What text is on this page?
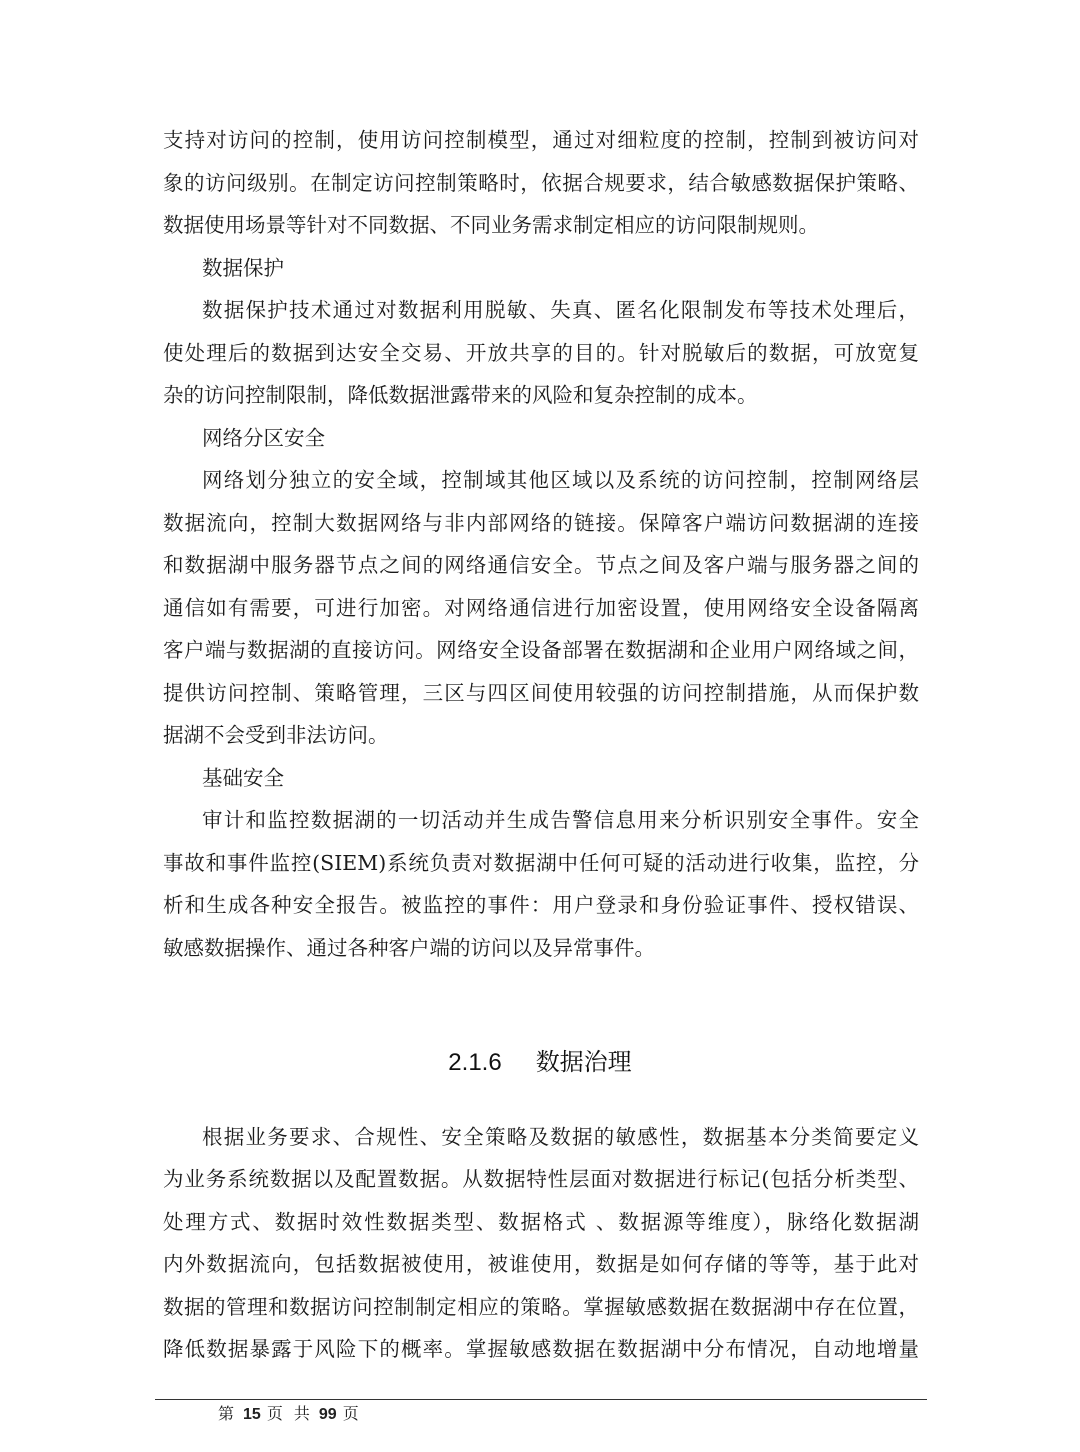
支持对访问的控制，使用访问控制模型，通过对细粒度的控制，控制到被访问对

象的访问级别。在制定访问控制策略时，依据合规要求，结合敏感数据保护策略、

数据使用场景等针对不同数据、不同业务需求制定相应的访问限制规则。

数据保护

数据保护技术通过对数据利用脱敏、失真、匿名化限制发布等技术处理后，

使处理后的数据到达安全交易、开放共享的目的。针对脱敏后的数据，可放宽复

杂的访问控制限制，降低数据泄露带来的风险和复杂控制的成本。

网络分区安全

网络划分独立的安全域，控制域其他区域以及系统的访问控制，控制网络层

数据流向，控制大数据网络与非内部网络的链接。保障客户端访问数据湖的连接

和数据湖中服务器节点之间的网络通信安全。节点之间及客户端与服务器之间的

通信如有需要，可进行加密。对网络通信进行加密设置，使用网络安全设备隔离

客户端与数据湖的直接访问。网络安全设备部署在数据湖和企业用户网络域之间，

提供访问控制、策略管理，三区与四区间使用较强的访问控制措施，从而保护数

据湖不会受到非法访问。

基础安全

审计和监控数据湖的一切活动并生成告警信息用来分析识别安全事件。安全

事故和事件监控(SIEM)系统负责对数据湖中任何可疑的活动进行收集，监控，分

析和生成各种安全报告。被监控的事件：用户登录和身份验证事件、授权错误、

敏感数据操作、通过各种客户端的访问以及异常事件。

2.1.6 数据治理

根据业务要求、合规性、安全策略及数据的敏感性，数据基本分类简要定义

为业务系统数据以及配置数据。从数据特性层面对数据进行标记(包括分析类型、

处理方式、数据时效性数据类型、数据格式 、数据源等维度），脉络化数据湖

内外数据流向，包括数据被使用，被谁使用，数据是如何存储的等等，基于此对

数据的管理和数据访问控制制定相应的策略。掌握敏感数据在数据湖中存在位置，

降低数据暴露于风险下的概率。掌握敏感数据在数据湖中分布情况，自动地增量

第 15 页 共 99 页
